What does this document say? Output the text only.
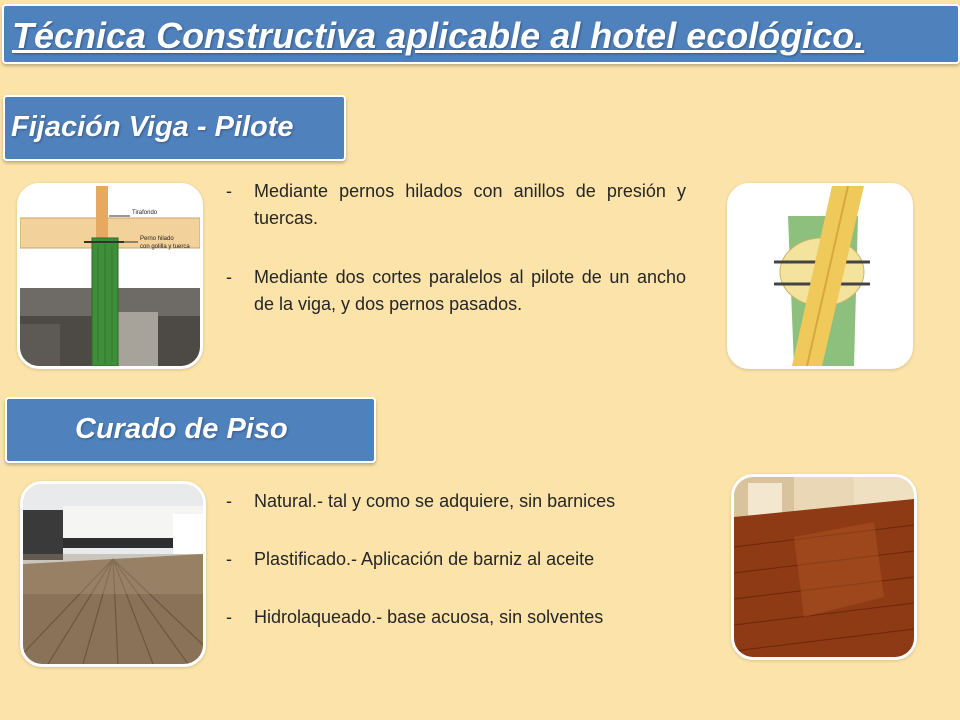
Técnica Constructiva aplicable al hotel ecológico.
Fijación Viga - Pilote
Tirafondo
Perno hilado
con golilla y tuerca
- Mediante pernos hilados con anillos de presión y tuercas.
- Mediante dos cortes paralelos al pilote de un ancho de la viga, y dos pernos pasados.
Curado de Piso
- Natural.- tal y como se adquiere, sin barnices
- Plastificado.- Aplicación de barniz al aceite
- Hidrolaqueado.- base acuosa, sin solventes
